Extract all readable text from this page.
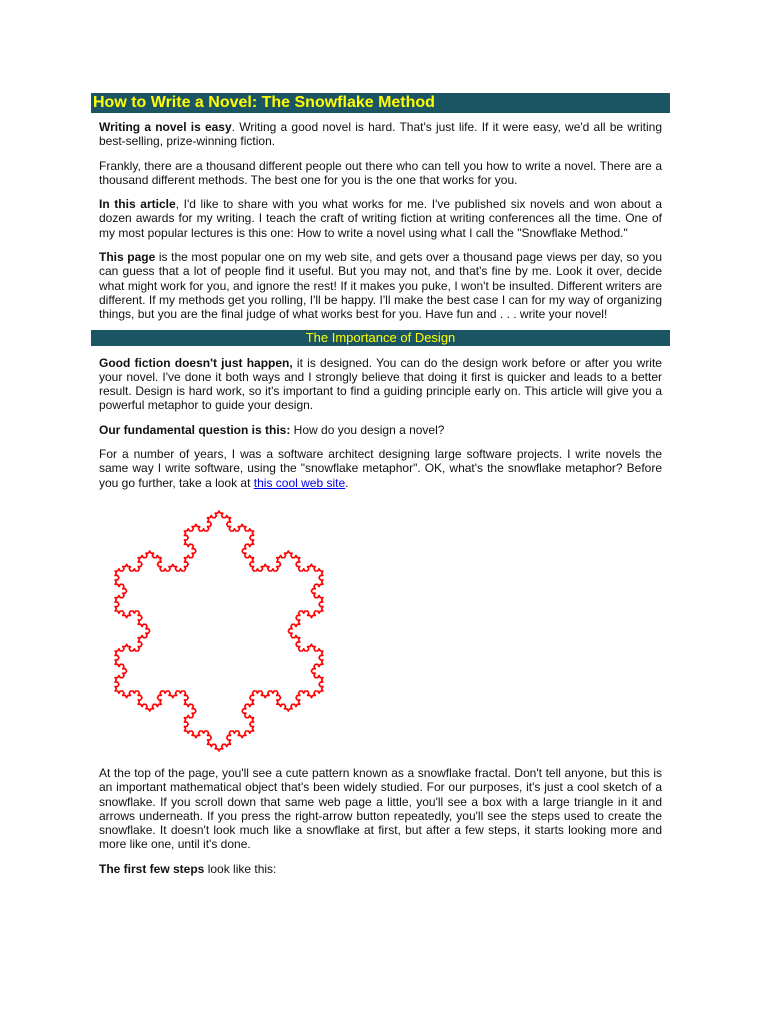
How to Write a Novel: The Snowflake Method

Writing a novel is easy. Writing a good novel is hard. That's just life. If it were easy, we'd all be writing best-selling, prize-winning fiction.

Frankly, there are a thousand different people out there who can tell you how to write a novel. There are a thousand different methods. The best one for you is the one that works for you.

In this article, I'd like to share with you what works for me. I've published six novels and won about a dozen awards for my writing. I teach the craft of writing fiction at writing conferences all the time. One of my most popular lectures is this one: How to write a novel using what I call the "Snowflake Method."

This page is the most popular one on my web site, and gets over a thousand page views per day, so you can guess that a lot of people find it useful. But you may not, and that's fine by me. Look it over, decide what might work for you, and ignore the rest! If it makes you puke, I won't be insulted. Different writers are different. If my methods get you rolling, I'll be happy. I'll make the best case I can for my way of organizing things, but you are the final judge of what works best for you. Have fun and . . . write your novel!

The Importance of Design

Good fiction doesn't just happen, it is designed. You can do the design work before or after you write your novel. I've done it both ways and I strongly believe that doing it first is quicker and leads to a better result. Design is hard work, so it's important to find a guiding principle early on. This article will give you a powerful metaphor to guide your design.

Our fundamental question is this: How do you design a novel?

For a number of years, I was a software architect designing large software projects. I write novels the same way I write software, using the "snowflake metaphor". OK, what's the snowflake metaphor? Before you go further, take a look at this cool web site.

At the top of the page, you'll see a cute pattern known as a snowflake fractal. Don't tell anyone, but this is an important mathematical object that's been widely studied. For our purposes, it's just a cool sketch of a snowflake. If you scroll down that same web page a little, you'll see a box with a large triangle in it and arrows underneath. If you press the right-arrow button repeatedly, you'll see the steps used to create the snowflake. It doesn't look much like a snowflake at first, but after a few steps, it starts looking more and more like one, until it's done.

The first few steps look like this:
